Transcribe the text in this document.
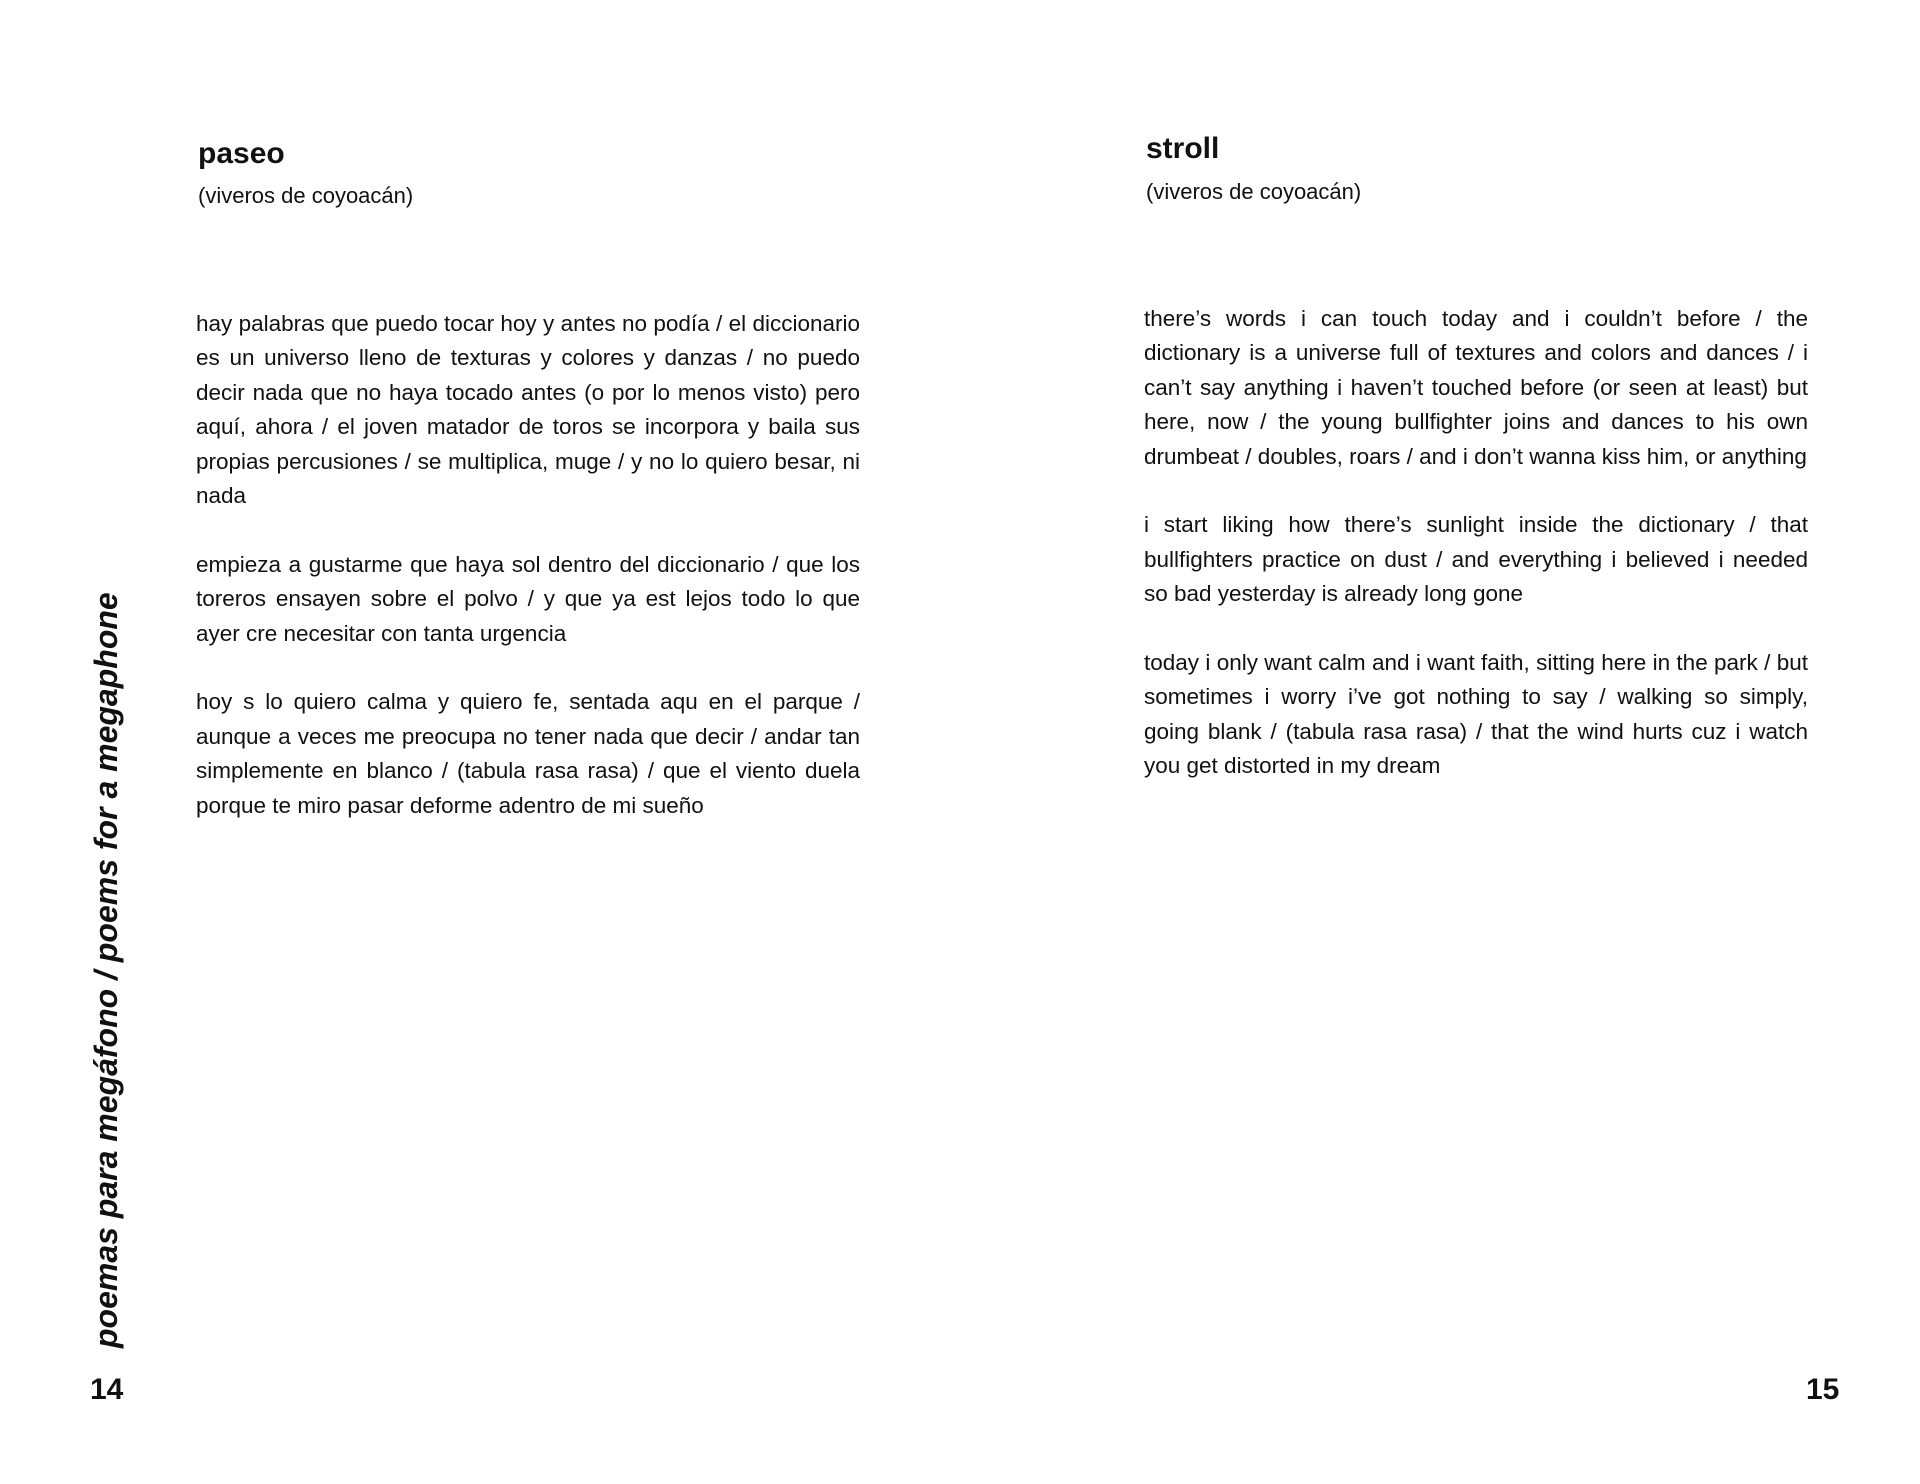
poemas para megáfono / poems for a megaphone
paseo
(viveros de coyoacán)

hay palabras que puedo tocar hoy y antes no podía / el diccionario es un universo lleno de texturas y colores y danzas / no puedo decir nada que no haya tocado antes (o por lo menos visto) pero aquí, ahora / el joven matador de toros se incorpora y baila sus propias percusiones / se multiplica, muge / y no lo quiero besar, ni nada

empieza a gustarme que haya sol dentro del diccionario / que los toreros ensayen sobre el polvo / y que ya est lejos todo lo que ayer cre necesitar con tanta urgencia

hoy s lo quiero calma y quiero fe, sentada aqu en el parque / aunque a veces me preocupa no tener nada que decir / andar tan simplemente en blanco / (tabula rasa rasa) / que el viento duela porque te miro pasar deforme adentro de mi sueño

14
stroll
(viveros de coyoacán)

there’s words i can touch today and i couldn’t before / the dictionary is a universe full of textures and colors and dances / i can’t say anything i haven’t touched before (or seen at least) but here, now / the young bullfighter joins and dances to his own drumbeat / doubles, roars / and i don’t wanna kiss him, or anything

i start liking how there’s sunlight inside the dictionary / that bullfighters practice on dust / and everything i believed i needed so bad yesterday is already long gone

today i only want calm and i want faith, sitting here in the park / but sometimes i worry i’ve got nothing to say / walking so simply, going blank / (tabula rasa rasa) / that the wind hurts cuz i watch you get distorted in my dream

15
